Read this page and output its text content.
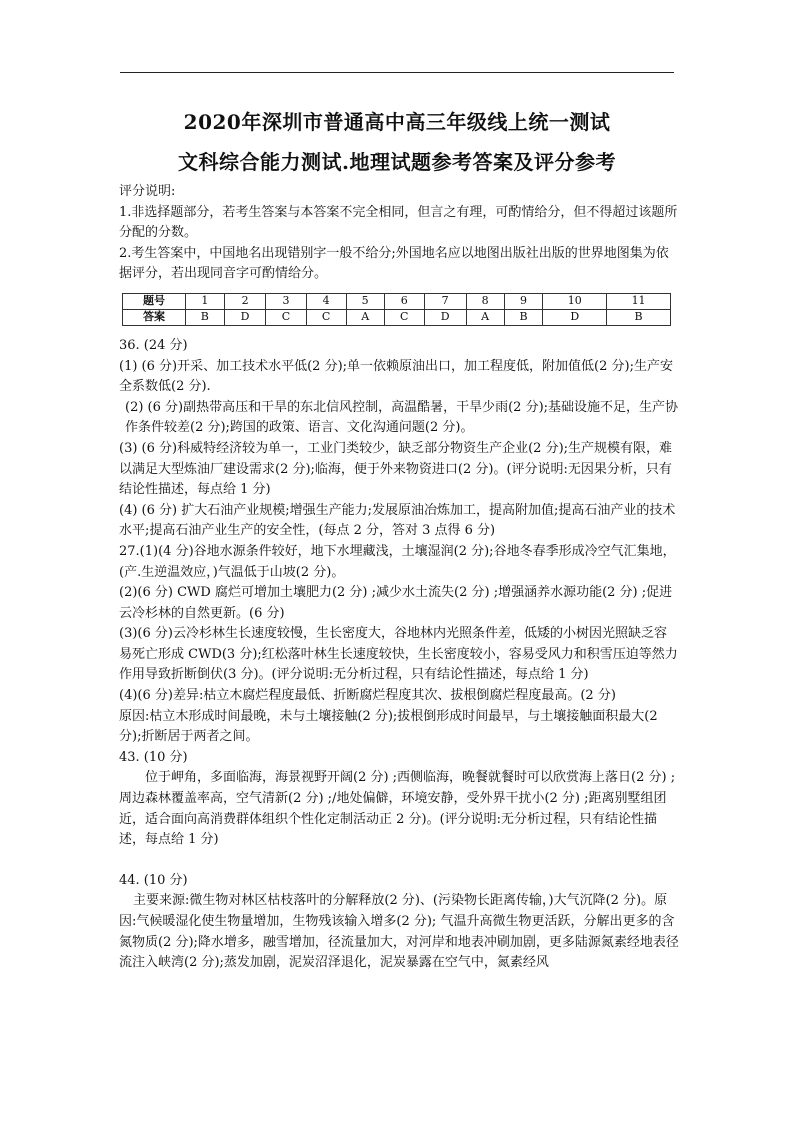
2020年深圳市普通高中高三年级线上统一测试
文科综合能力测试.地理试题参考答案及评分参考

评分说明:

1.非选择题部分，若考生答案与本答案不完全相同，但言之有理，可酌情给分，但不得超过该题所分配的分数。

2.考生答案中，中国地名出现错别字一般不给分;外国地名应以地图出版社出版的世界地图集为依据评分，若出现同音字可酌情给分。

题号	1	2	3	4	5	6	7	8	9	10	11
答案	B	D	C	C	A	C	D	A	B	D	B

36. (24 分)

(1) (6 分)开采、加工技术水平低(2 分);单一依赖原油出口，加工程度低，附加值低(2 分);生产安全系数低(2 分).

(2) (6 分)副热带高压和干旱的东北信风控制，高温酷暑，干旱少雨(2 分);基础设施不足，生产协作条件较差(2 分);跨国的政策、语言、文化沟通问题(2 分)。

(3) (6 分)科威特经济较为单一，工业门类较少，缺乏部分物资生产企业(2 分);生产规模有限，难以满足大型炼油厂建设需求(2 分);临海，便于外来物资进口(2 分)。(评分说明:无因果分析，只有结论性描述，每点给 1 分)

(4) (6 分) 扩大石油产业规模;增强生产能力;发展原油冶炼加工，提高附加值;提高石油产业的技术水平;提高石油产业生产的安全性，(每点 2 分，答对 3 点得 6 分)

27.(1)(4 分)谷地水源条件较好，地下水埋藏浅，土壤湿润(2 分);谷地冬春季形成冷空气汇集地，(产.生逆温效应，)气温低于山坡(2 分)。

(2)(6 分) CWD 腐烂可增加土壤肥力(2 分) ;减少水土流失(2 分) ;增强涵养水源功能(2 分) ;促进云冷杉林的自然更新。(6 分)

(3)(6 分)云冷杉林生长速度较慢，生长密度大，谷地林内光照条件差，低矮的小树因光照缺乏容易死亡形成 CWD(3 分);红松落叶林生长速度较快，生长密度较小，容易受风力和积雪压迫等然力作用导致折断倒伏(3 分)。(评分说明:无分析过程，只有结论性描述，每点给 1 分)

(4)(6 分)差异:枯立木腐烂程度最低、折断腐烂程度其次、拔根倒腐烂程度最高。(2 分)

原因:枯立木形成时间最晚，未与土壤接触(2 分);拔根倒形成时间最早，与土壤接触面积最大(2 分);折断居于两者之间。

43. (10 分)

位于岬角，多面临海，海景视野开阔(2 分) ;西侧临海，晚餐就餐时可以欣赏海上落日(2 分) ;周边森林覆盖率高，空气清新(2 分) ;/地处偏僻，环境安静，受外界干扰小(2 分) ;距离别墅组团近，适合面向高消费群体组织个性化定制活动正 2 分)。(评分说明:无分析过程，只有结论性描述，每点给 1 分)

44. (10 分)

主要来源:微生物对林区枯枝落叶的分解释放(2 分)、(污染物长距离传输，)大气沉降(2 分)。原因:气候暖湿化使生物量增加，生物残该输入增多(2 分); 气温升高微生物更活跃，分解出更多的含氮物质(2 分);降水增多，融雪增加，径流量加大，对河岸和地表冲刷加剧，更多陆源氮素经地表径流注入峡湾(2 分);蒸发加剧，泥炭沼泽退化，泥炭暴露在空气中，氮素经风
